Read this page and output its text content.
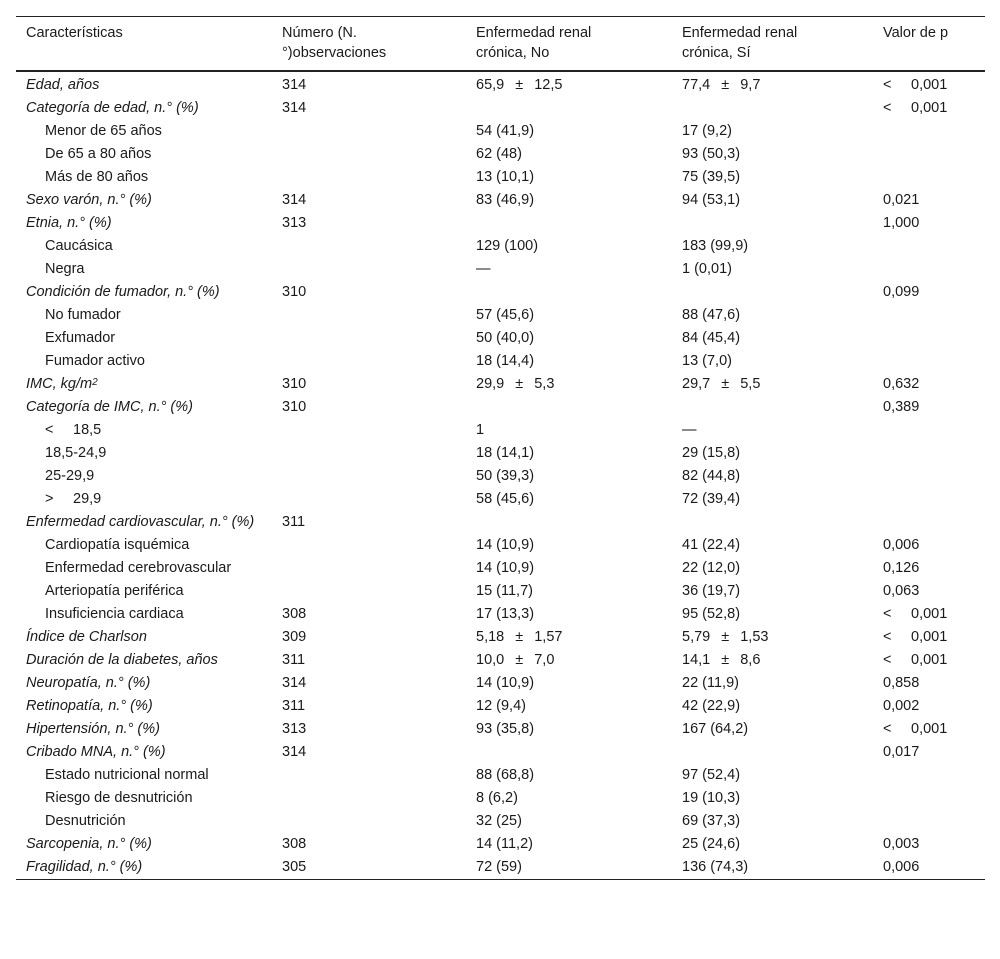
Características	Número (N. °)observaciones	Enfermedad renal crónica, No	Enfermedad renal crónica, Sí	Valor de p
Edad, años	314	65,9 ± 12,5	77,4 ± 9,7	< 0,001
Categoría de edad, n.° (%)	314			< 0,001
Menor de 65 años		54 (41,9)	17 (9,2)	
De 65 a 80 años		62 (48)	93 (50,3)	
Más de 80 años		13 (10,1)	75 (39,5)	
Sexo varón, n.° (%)	314	83 (46,9)	94 (53,1)	0,021
Etnia, n.° (%)	313			1,000
Caucásica		129 (100)	183 (99,9)	
Negra		—	1 (0,01)	
Condición de fumador, n.° (%)	310			0,099
No fumador		57 (45,6)	88 (47,6)	
Exfumador		50 (40,0)	84 (45,4)	
Fumador activo		18 (14,4)	13 (7,0)	
IMC, $kg/m^2$	310	29,9 ± 5,3	29,7 ± 5,5	0,632
Categoría de IMC, n.° (%)	310			0,389
< 18,5		1	—	
18,5-24,9		18 (14,1)	29 (15,8)	
25-29,9		50 (39,3)	82 (44,8)	
> 29,9		58 (45,6)	72 (39,4)	
Enfermedad cardiovascular, n.° (%)	311			
Cardiopatía isquémica		14 (10,9)	41 (22,4)	0,006
Enfermedad cerebrovascular		14 (10,9)	22 (12,0)	0,126
Arteriopatía periférica		15 (11,7)	36 (19,7)	0,063
Insuficiencia cardiaca	308	17 (13,3)	95 (52,8)	< 0,001
Índice de Charlson	309	5,18 ± 1,57	5,79 ± 1,53	< 0,001
Duración de la diabetes, años	311	10,0 ± 7,0	14,1 ± 8,6	< 0,001
Neuropatía, n.° (%)	314	14 (10,9)	22 (11,9)	0,858
Retinopatía, n.° (%)	311	12 (9,4)	42 (22,9)	0,002
Hipertensión, n.° (%)	313	93 (35,8)	167 (64,2)	< 0,001
Cribado MNA, n.° (%)	314			0,017
Estado nutricional normal		88 (68,8)	97 (52,4)	
Riesgo de desnutrición		8 (6,2)	19 (10,3)	
Desnutrición		32 (25)	69 (37,3)	
Sarcopenia, n.° (%)	308	14 (11,2)	25 (24,6)	0,003
Fragilidad, n.° (%)	305	72 (59)	136 (74,3)	0,006
